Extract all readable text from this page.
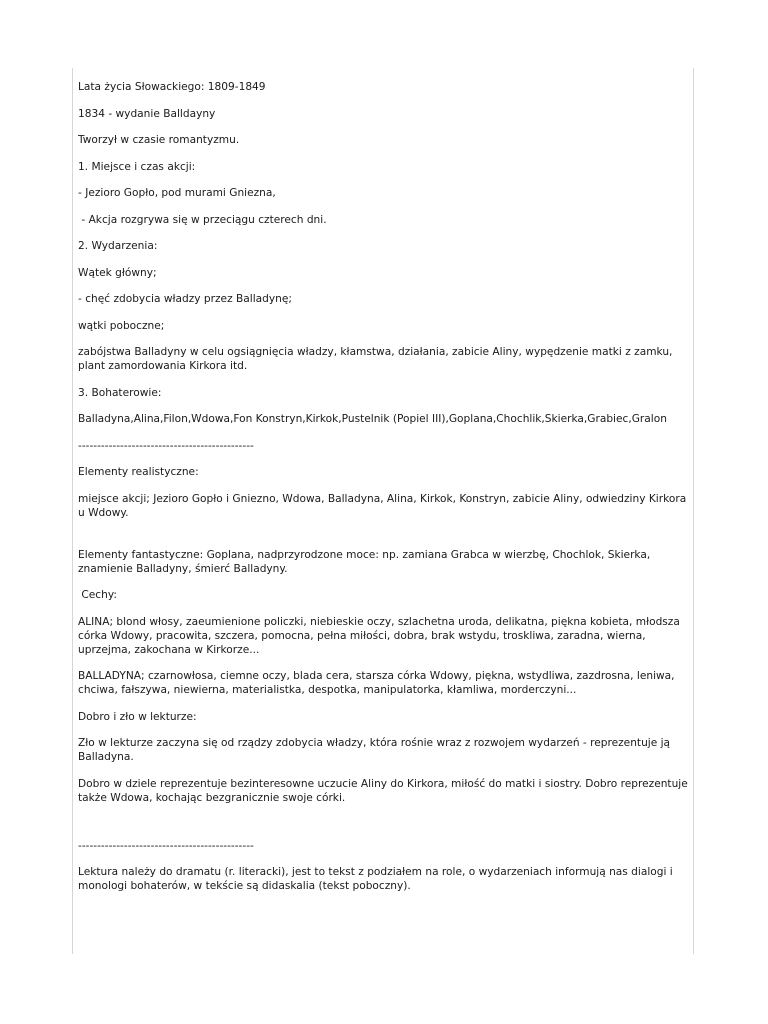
Lata życia Słowackiego: 1809-1849

1834 - wydanie Balldayny

Tworzył w czasie romantyzmu.

1. Miejsce i czas akcji:

- Jezioro Gopło, pod murami Gniezna,

- Akcja rozgrywa się w przeciągu czterech dni.

2. Wydarzenia:

Wątek główny;

- chęć zdobycia władzy przez Balladynę;

wątki poboczne;

zabójstwa Balladyny w celu ogsiągnięcia władzy, kłamstwa, działania, zabicie Aliny, wypędzenie matki z zamku, plant zamordowania Kirkora itd.

3. Bohaterowie:

Balladyna,Alina,Filon,Wdowa,Fon Konstryn,Kirkok,Pustelnik (Popiel III),Goplana,Chochlik,Skierka,Grabiec,Gralon

----------------------------------------------

Elementy realistyczne:

miejsce akcji; Jezioro Gopło i Gniezno, Wdowa, Balladyna, Alina, Kirkok, Konstryn, zabicie Aliny, odwiedziny Kirkora u Wdowy.

Elementy fantastyczne: Goplana, nadprzyrodzone moce: np. zamiana Grabca w wierzbę, Chochlok, Skierka, znamienie Balladyny, śmierć Balladyny.

Cechy:

ALINA; blond włosy, zaeumienione policzki, niebieskie oczy, szlachetna uroda, delikatna, piękna kobieta, młodsza córka Wdowy, pracowita, szczera, pomocna, pełna miłości, dobra, brak wstydu, troskliwa, zaradna, wierna, uprzejma, zakochana w Kirkorze...

BALLADYNA; czarnowłosa, ciemne oczy, blada cera, starsza córka Wdowy, piękna, wstydliwa, zazdrosna, leniwa, chciwa, fałszywa, niewierna, materialistka, despotka, manipulatorka, kłamliwa, morderczyni...

Dobro i zło w lekturze:

Zło w lekturze zaczyna się od rządzy zdobycia władzy, która rośnie wraz z rozwojem wydarzeń - reprezentuje ją Balladyna.

Dobro w dziele reprezentuje bezinteresowne uczucie Aliny do Kirkora, miłość do matki i siostry. Dobro reprezentuje także Wdowa, kochając bezgranicznie swoje córki.

----------------------------------------------

Lektura należy do dramatu (r. literacki), jest to tekst z podziałem na role, o wydarzeniach informują nas dialogi i monologi bohaterów, w tekście są didaskalia (tekst poboczny).
